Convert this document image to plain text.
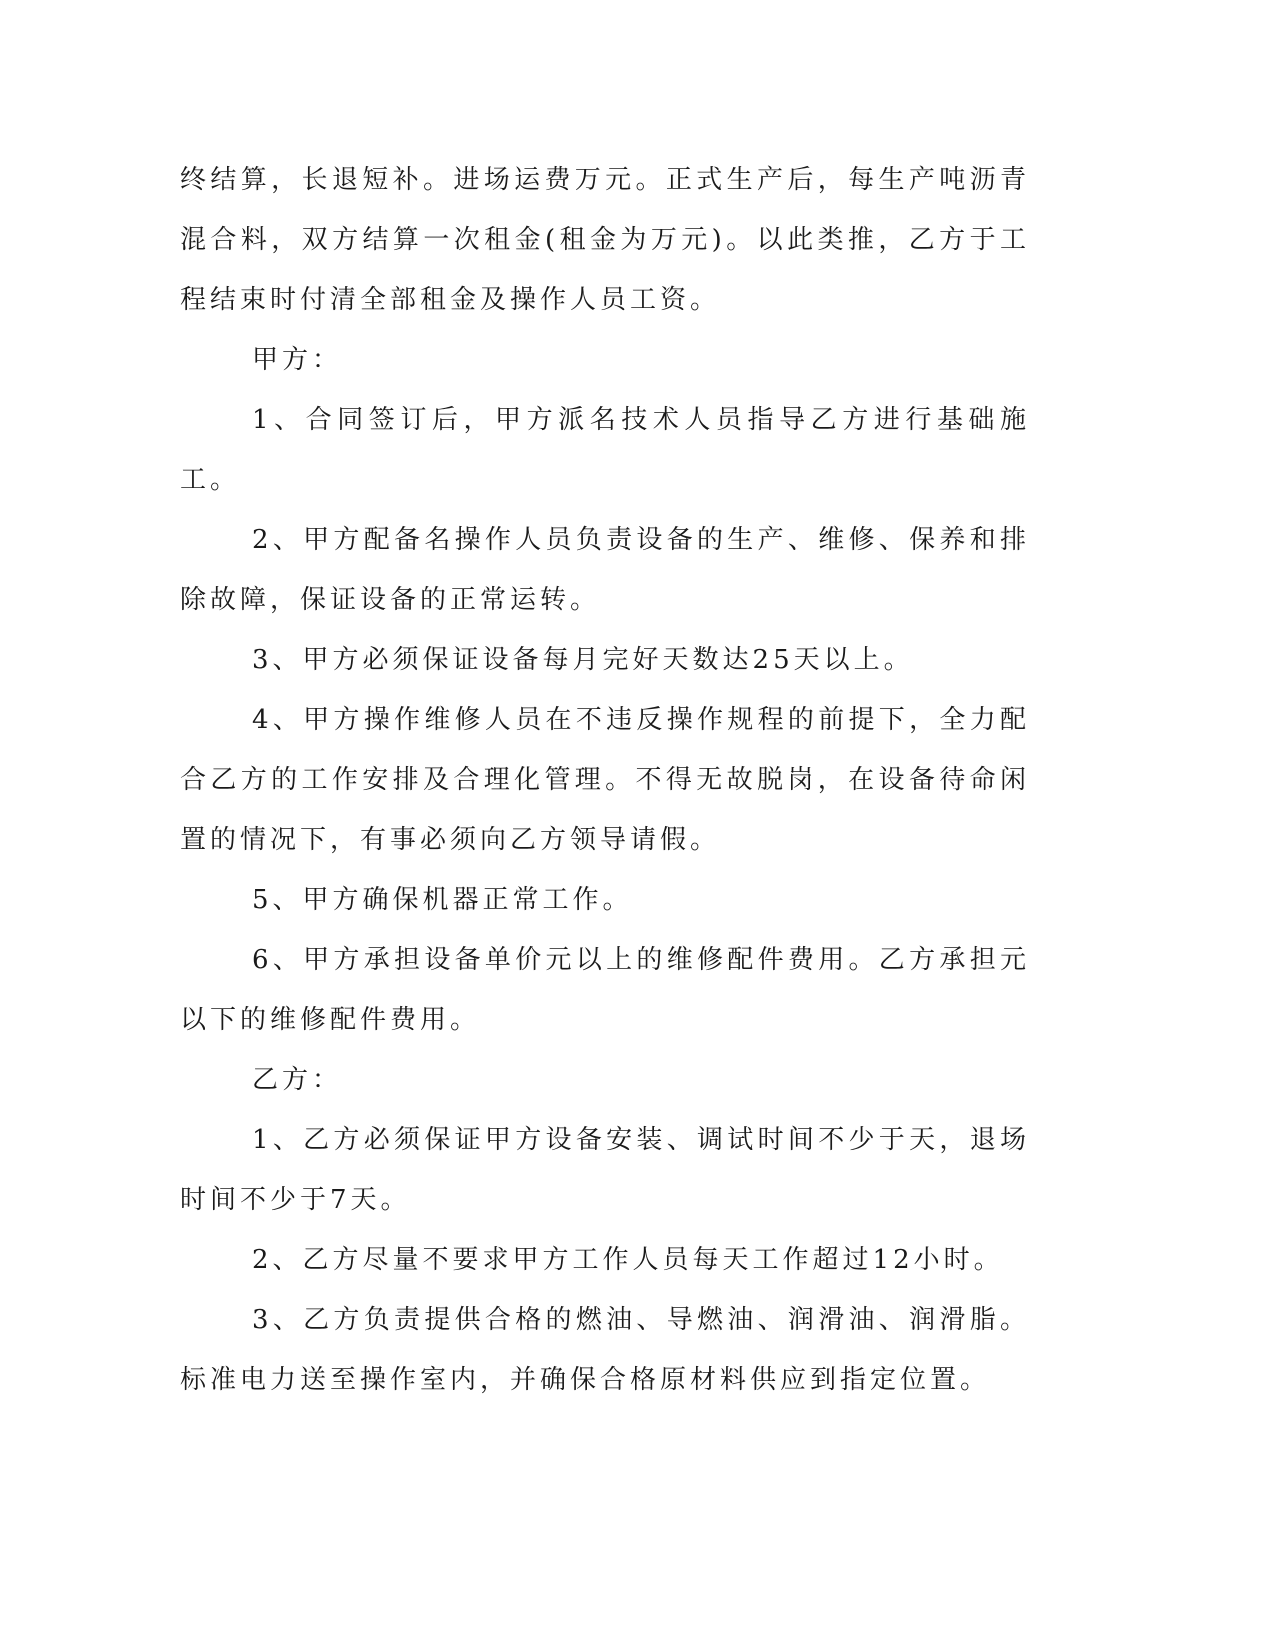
终结算，长退短补。进场运费万元。正式生产后，每生产吨沥青混合料，双方结算一次租金(租金为万元)。以此类推，乙方于工程结束时付清全部租金及操作人员工资。

甲方：

1、合同签订后，甲方派名技术人员指导乙方进行基础施工。

2、甲方配备名操作人员负责设备的生产、维修、保养和排除故障，保证设备的正常运转。

3、甲方必须保证设备每月完好天数达25天以上。

4、甲方操作维修人员在不违反操作规程的前提下，全力配合乙方的工作安排及合理化管理。不得无故脱岗，在设备待命闲置的情况下，有事必须向乙方领导请假。

5、甲方确保机器正常工作。

6、甲方承担设备单价元以上的维修配件费用。乙方承担元以下的维修配件费用。

乙方：

1、乙方必须保证甲方设备安装、调试时间不少于天，退场时间不少于7天。

2、乙方尽量不要求甲方工作人员每天工作超过12小时。

3、乙方负责提供合格的燃油、导燃油、润滑油、润滑脂。标准电力送至操作室内，并确保合格原材料供应到指定位置。
